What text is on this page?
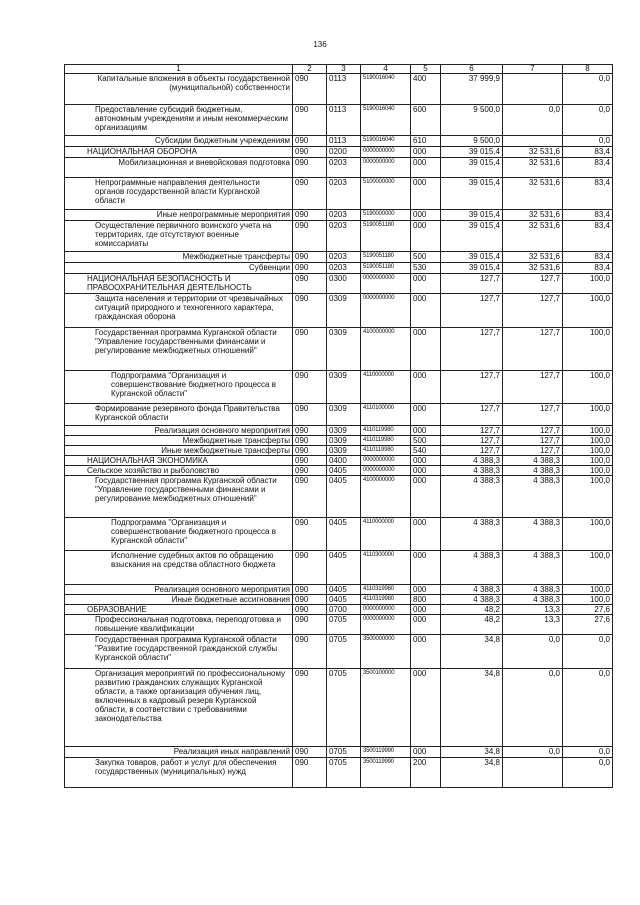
136
1	2	3	4	5	6	7	8

Капитальные вложения в объекты государственной (муниципальной) собственности	090	0113	5190016040	400	37 999,9		0,0

Предоставление субсидий бюджетным, автономным учреждениям и иным некоммерческим организациям	090	0113	5190016040	600	9 500,0	0,0	0,0

Субсидии бюджетным учреждениям	090	0113	5190016040	610	9 500,0		0,0

НАЦИОНАЛЬНАЯ ОБОРОНА	090	0200	0000000000	000	39 015,4	32 531,6	83,4

Мобилизационная и вневойсковая подготовка	090	0203	0000000000	000	39 015,4	32 531,6	83,4

Непрограммные направления деятельности органов государственной власти Курганской области	090	0203	5100000000	000	39 015,4	32 531,6	83,4

Иные непрограммные мероприятия	090	0203	5190000000	000	39 015,4	32 531,6	83,4

Осуществление первичного воинского учета на территориях, где отсутствуют военные комиссариаты	090	0203	5190051180	000	39 015,4	32 531,6	83,4

Межбюджетные трансферты	090	0203	5190051180	500	39 015,4	32 531,6	83,4

Субвенции	090	0203	5190051180	530	39 015,4	32 531,6	83,4

НАЦИОНАЛЬНАЯ БЕЗОПАСНОСТЬ И ПРАВООХРАНИТЕЛЬНАЯ ДЕЯТЕЛЬНОСТЬ	090	0300	0000000000	000	127,7	127,7	100,0

Защита населения и территории от чрезвычайных ситуаций природного и техногенного характера, гражданская оборона	090	0309	0000000000	000	127,7	127,7	100,0

Государственная программа Курганской области "Управление государственными финансами и регулирование межбюджетных отношений"	090	0309	4100000000	000	127,7	127,7	100,0

Подпрограмма "Организация и совершенствование бюджетного процесса в Курганской области"	090	0309	4110000000	000	127,7	127,7	100,0

Формирование резервного фонда Правительства Курганской области	090	0309	4110100000	000	127,7	127,7	100,0

Реализация основного мероприятия	090	0309	4110119980	000	127,7	127,7	100,0

Межбюджетные трансферты	090	0309	4110119980	500	127,7	127,7	100,0

Иные межбюджетные трансферты	090	0309	4110119980	540	127,7	127,7	100,0

НАЦИОНАЛЬНАЯ ЭКОНОМИКА	090	0400	0000000000	000	4 388,3	4 388,3	100,0

Сельское хозяйство и рыболовство	090	0405	0000000000	000	4 388,3	4 388,3	100,0

Государственная программа Курганской области "Управление государственными финансами и регулирование межбюджетных отношений"	090	0405	4100000000	000	4 388,3	4 388,3	100,0

Подпрограмма "Организация и совершенствование бюджетного процесса в Курганской области"	090	0405	4110000000	000	4 388,3	4 388,3	100,0

Исполнение судебных актов по обращению взыскания на средства областного бюджета	090	0405	4110300000	000	4 388,3	4 388,3	100,0

Реализация основного мероприятия	090	0405	4110319980	000	4 388,3	4 388,3	100,0

Иные бюджетные ассигнования	090	0405	4110319980	800	4 388,3	4 388,3	100,0

ОБРАЗОВАНИЕ	090	0700	0000000000	000	48,2	13,3	27,6

Профессиональная подготовка, переподготовка и повышение квалификации	090	0705	0000000000	000	48,2	13,3	27,6

Государственная программа Курганской области "Развитие государственной гражданской службы Курганской области"	090	0705	3500000000	000	34,8	0,0	0,0

Организация мероприятий по профессиональному развитию гражданских служащих Курганской области, а также организация обучения лиц, включенных в кадровый резерв Курганской области, в соответствии с требованиями законодательства	090	0705	3500100000	000	34,8	0,0	0,0

Реализация иных направлений	090	0705	3500119990	000	34,8	0,0	0,0

Закупка товаров, работ и услуг для обеспечения государственных (муниципальных) нужд	090	0705	3500119990	200	34,8		0,0
